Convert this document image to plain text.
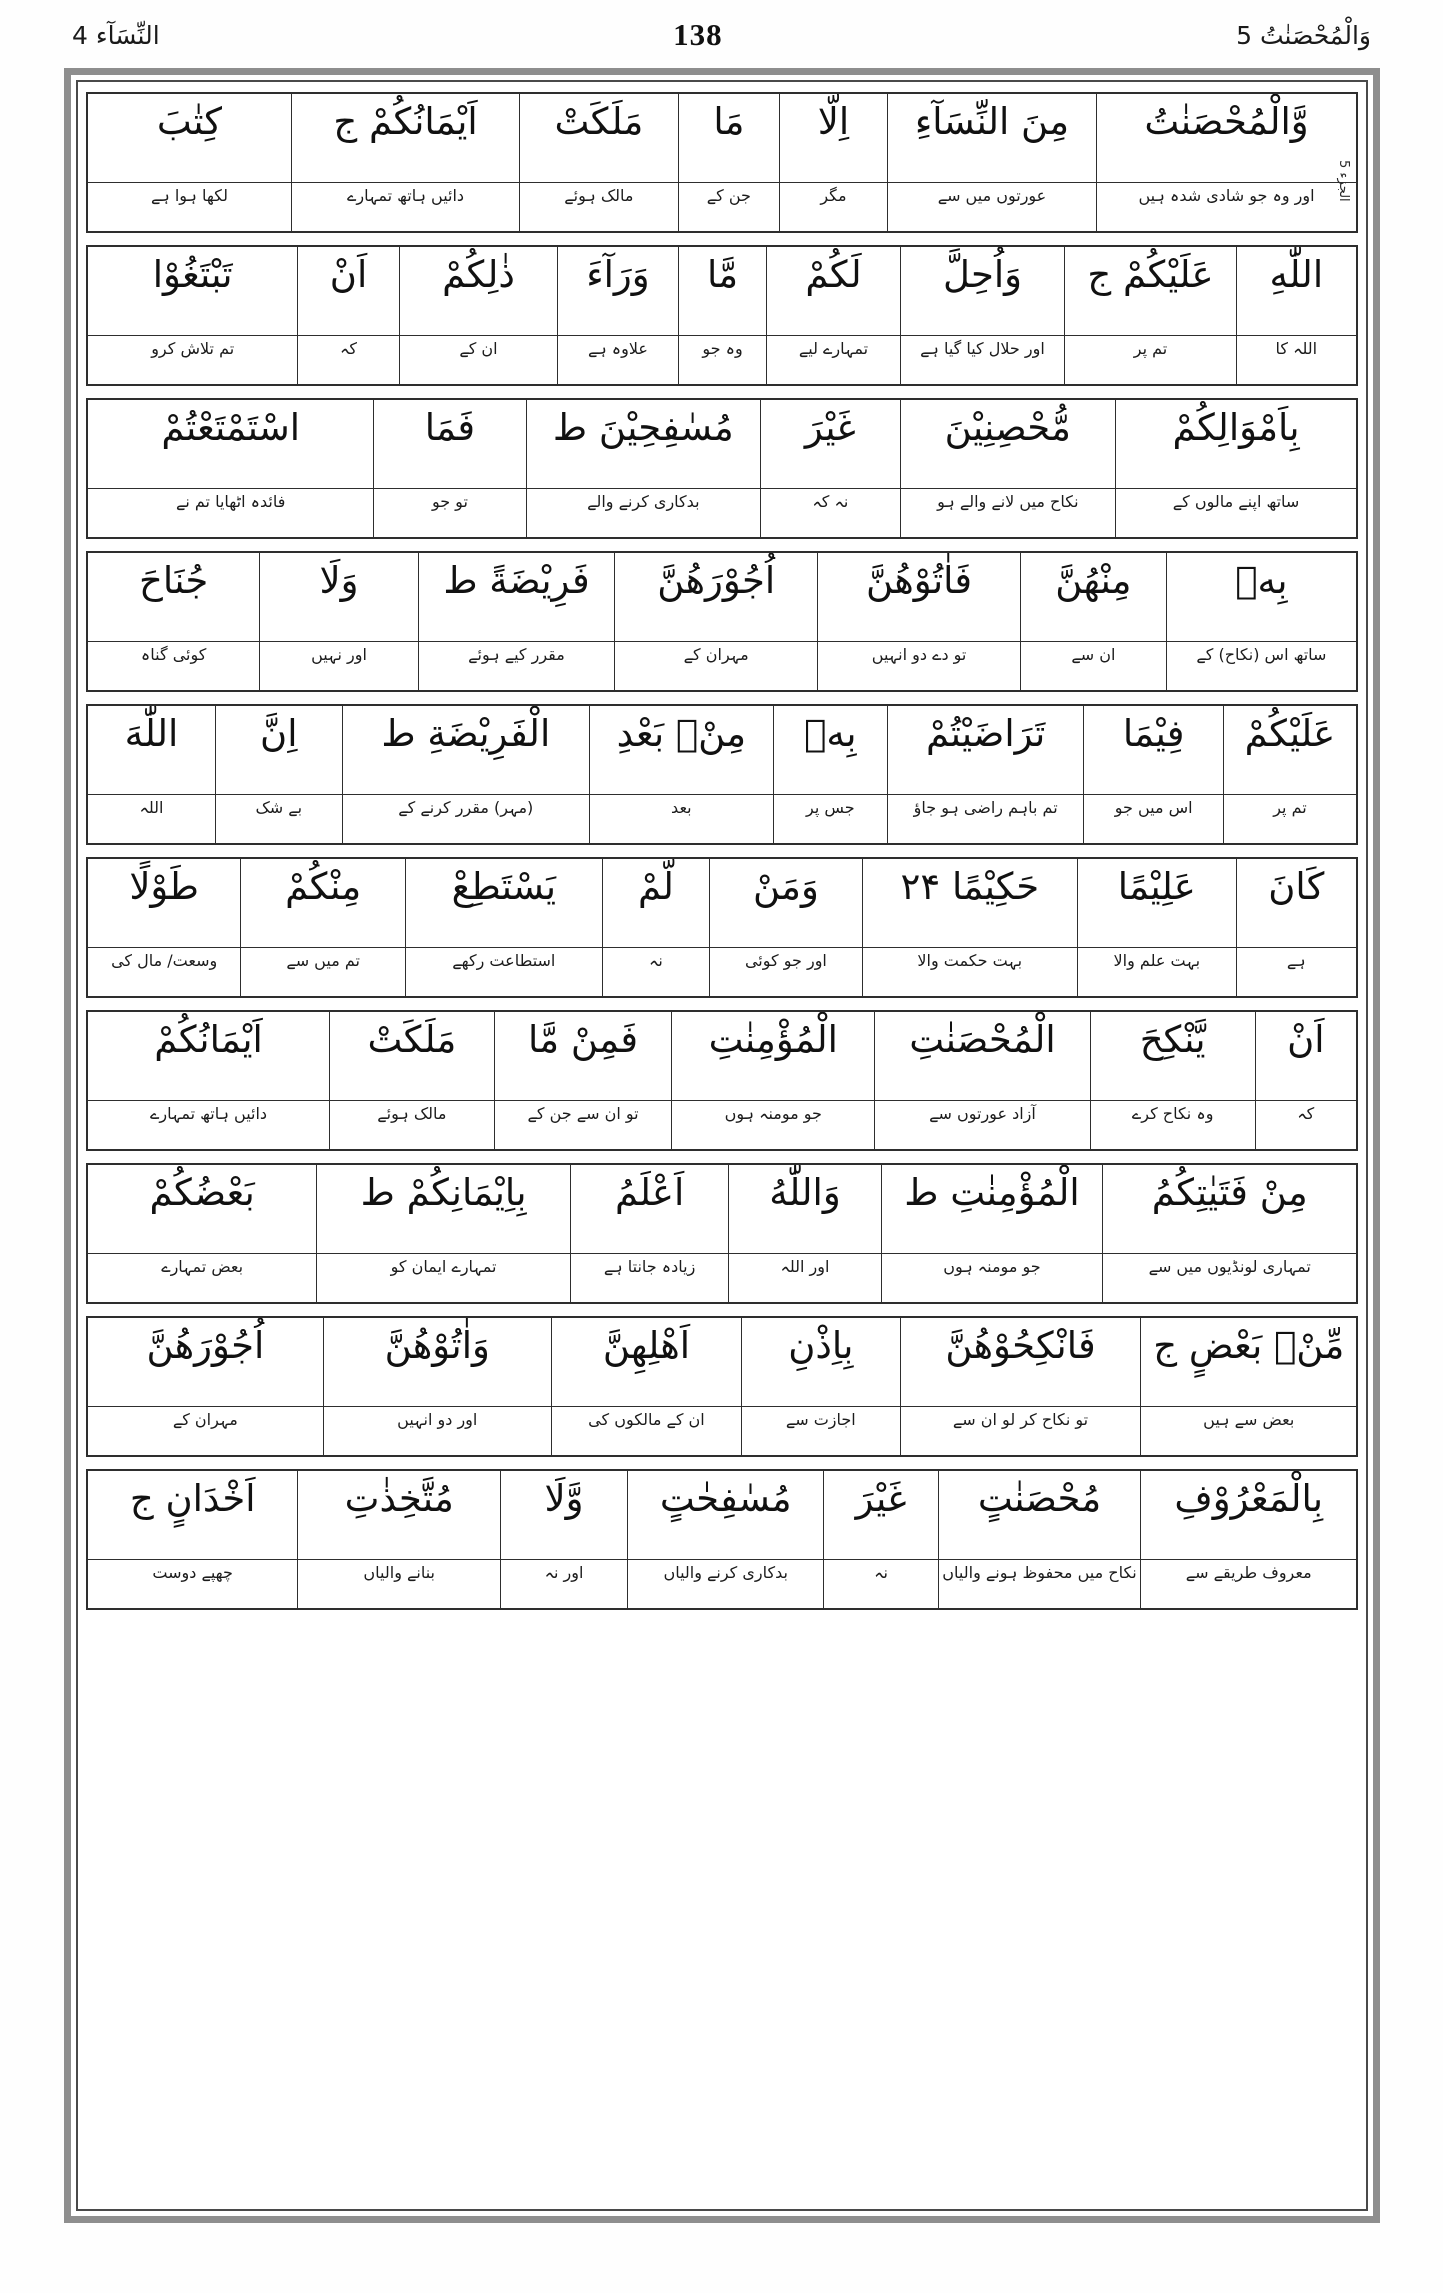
النِّسَآء 4	138	وَالْمُحْصَنٰتُ 5
الجزء 5
وَّالْمُحْصَنٰتُ
مِنَ النِّسَآءِ
اِلَّا
مَا
مَلَكَتْ
اَيْمَانُكُمْ ج
كِتٰبَ
اور وہ جو شادی شدہ ہیں
عورتوں میں سے
مگر
جن کے
مالک ہوئے
دائیں ہاتھ تمہارے
لکھا ہوا ہے
اللّٰهِ
عَلَيْكُمْ ج
وَاُحِلَّ
لَكُمْ
مَّا
وَرَآءَ
ذٰلِكُمْ
اَنْ
تَبْتَغُوْا
اللہ کا
تم پر
اور حلال کیا گیا ہے
تمہارے لیے
وہ جو
علاوہ ہے
ان کے
کہ
تم تلاش کرو
بِاَمْوَالِكُمْ
مُّحْصِنِيْنَ
غَيْرَ
مُسٰفِحِيْنَ ط
فَمَا
اسْتَمْتَعْتُمْ
ساتھ اپنے مالوں کے
نکاح میں لانے والے ہو
نہ کہ
بدکاری کرنے والے
تو جو
فائدہ اٹھایا تم نے
بِهٖ
مِنْهُنَّ
فَاٰتُوْهُنَّ
اُجُوْرَهُنَّ
فَرِيْضَةً ط
وَلَا
جُنَاحَ
ساتھ اس (نکاح) کے
ان سے
تو دے دو انہیں
مہران کے
مقرر کیے ہوئے
اور نہیں
کوئی گناہ
عَلَيْكُمْ
فِيْمَا
تَرَاضَيْتُمْ
بِهٖ
مِنْۢ بَعْدِ
الْفَرِيْضَةِ ط
اِنَّ
اللّٰهَ
تم پر
اس میں جو
تم باہم راضی ہو جاؤ
جس پر
بعد
(مہر) مقرر کرنے کے
بے شک
اللہ
كَانَ
عَلِيْمًا
حَكِيْمًا ۲۴
وَمَنْ
لَّمْ
يَسْتَطِعْ
مِنْكُمْ
طَوْلًا
ہے
بہت علم والا
بہت حکمت والا
اور جو کوئی
نہ
استطاعت رکھے
تم میں سے
وسعت/ مال کی
اَنْ
يَّنْكِحَ
الْمُحْصَنٰتِ
الْمُؤْمِنٰتِ
فَمِنْ مَّا
مَلَكَتْ
اَيْمَانُكُمْ
کہ
وہ نکاح کرے
آزاد عورتوں سے
جو مومنہ ہوں
تو ان سے جن کے
مالک ہوئے
دائیں ہاتھ تمہارے
مِنْ فَتَيٰتِكُمُ
الْمُؤْمِنٰتِ ط
وَاللّٰهُ
اَعْلَمُ
بِاِيْمَانِكُمْ ط
بَعْضُكُمْ
تمہاری لونڈیوں میں سے
جو مومنہ ہوں
اور اللہ
زیادہ جانتا ہے
تمہارے ایمان کو
بعض تمہارے
مِّنْۢ بَعْضٍ ج
فَانْكِحُوْهُنَّ
بِاِذْنِ
اَهْلِهِنَّ
وَاٰتُوْهُنَّ
اُجُوْرَهُنَّ
بعض سے ہیں
تو نکاح کر لو ان سے
اجازت سے
ان کے مالکوں کی
اور دو انہیں
مہران کے
بِالْمَعْرُوْفِ
مُحْصَنٰتٍ
غَيْرَ
مُسٰفِحٰتٍ
وَّلَا
مُتَّخِذٰتِ
اَخْدَانٍ ج
معروف طریقے سے
نکاح میں محفوظ ہونے والیاں
نہ
بدکاری کرنے والیاں
اور نہ
بنانے والیاں
چھپے دوست
